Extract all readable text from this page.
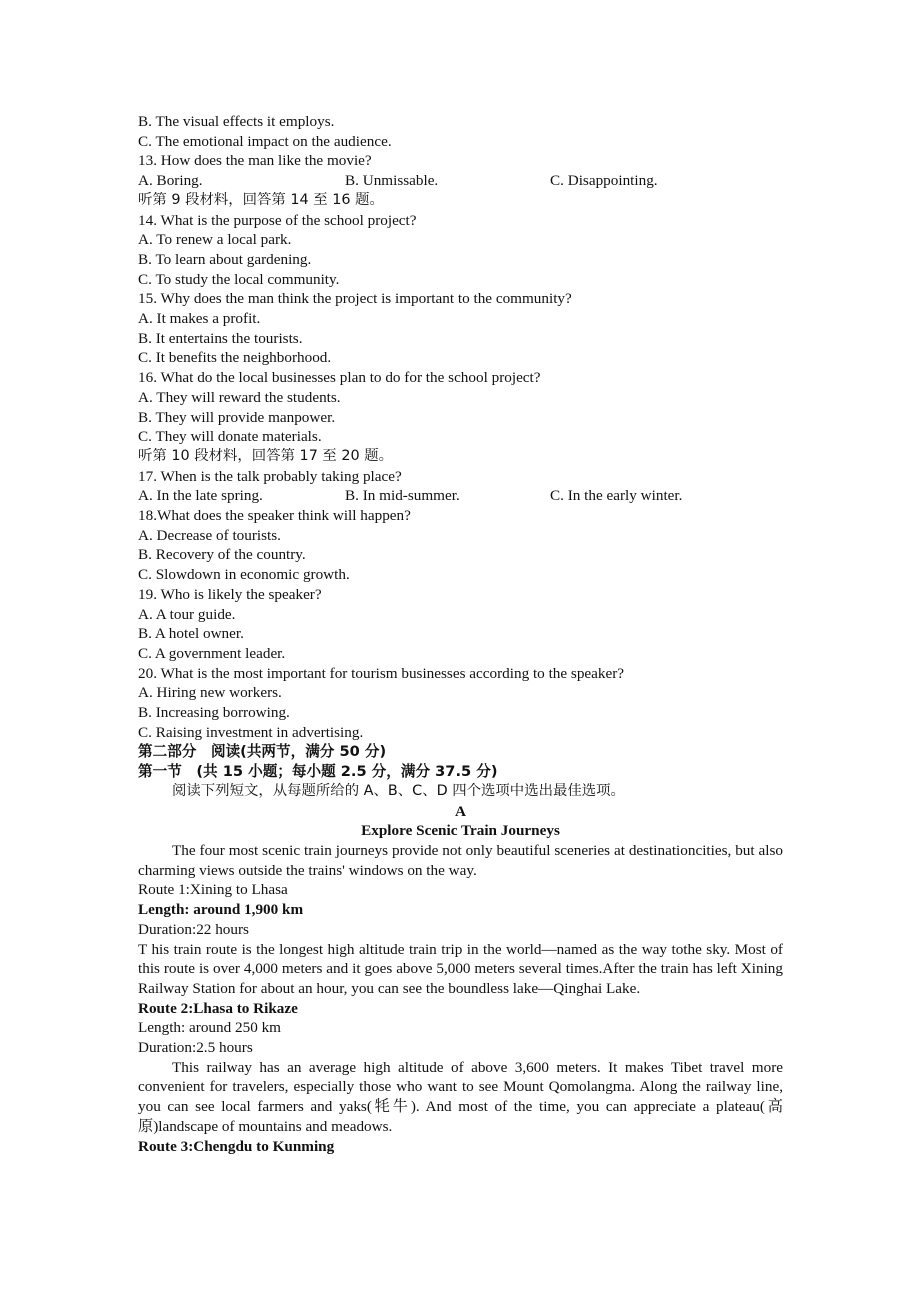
B. The visual effects it employs.
C. The emotional impact on the audience.
13. How does the man like the movie?

A. Boring.

	B. Unmissable.

	C. Disappointing.

听第 9 段材料，回答第 14 至 16 题。
14. What is the purpose of the school project?
A. To renew a local park.
B. To learn about gardening.
C. To study the local community.
15. Why does the man think the project is important to the community?
A. It makes a profit.
B. It entertains the tourists.
C. It benefits the neighborhood.
16. What do the local businesses plan to do for the school project?
A. They will reward the students.
B. They will provide manpower.
C. They will donate materials.
听第 10 段材料，回答第 17 至 20 题。
17. When is the talk probably taking place?

A. In the late spring.

	B. In mid-summer.

	C. In the early winter.

18.What does the speaker think will happen?
A. Decrease of tourists.
B. Recovery of the country.
C. Slowdown in economic growth.
19. Who is likely the speaker?
A. A tour guide.
B. A hotel owner.
C. A government leader.
20. What is the most important for tourism businesses according to the speaker?
A. Hiring new workers.
B. Increasing borrowing.
C. Raising investment in advertising.
第二部分　阅读(共两节，满分 50 分)
第一节　(共 15 小题；每小题 2.5 分，满分 37.5 分)
阅读下列短文，从每题所给的 A、B、C、D 四个选项中选出最佳选项。
A
Explore Scenic Train Journeys
The four most scenic train journeys provide not only beautiful sceneries at destinationcities, but also charming views outside the trains' windows on the way.
Route 1:Xining to Lhasa
Length: around 1,900 km
Duration:22 hours
T his train route is the longest high altitude train trip in the world—named as the way tothe sky. Most of this route is over 4,000 meters and it goes above 5,000 meters several times.After the train has left Xining Railway Station for about an hour, you can see the boundless lake—Qinghai Lake.
Route 2:Lhasa to Rikaze
Length: around 250 km
Duration:2.5 hours
This railway has an average high altitude of above 3,600 meters. It makes Tibet travel more convenient for travelers, especially those who want to see Mount Qomolangma. Along the railway line, you can see local farmers and yaks(牦牛). And most of the time, you can appreciate a plateau(高原)landscape of mountains and meadows.
Route 3:Chengdu to Kunming
